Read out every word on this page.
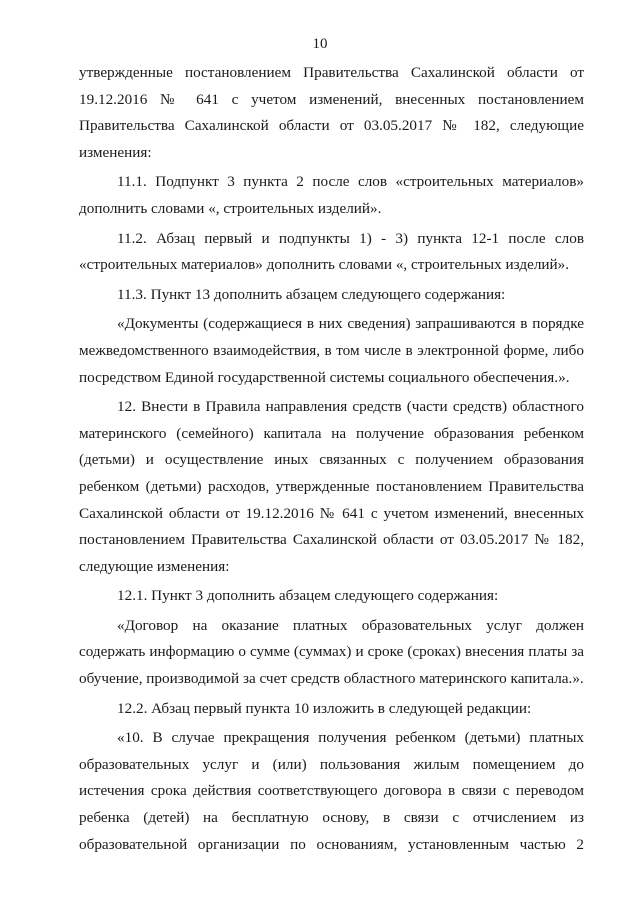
10

утвержденные постановлением Правительства Сахалинской области от 19.12.2016 № 641 с учетом изменений, внесенных постановлением Правительства Сахалинской области от 03.05.2017 № 182, следующие изменения:

11.1. Подпункт 3 пункта 2 после слов «строительных материалов» дополнить словами «, строительных изделий».

11.2. Абзац первый и подпункты 1) - 3) пункта 12-1 после слов «строительных материалов» дополнить словами «, строительных изделий».

11.3. Пункт 13 дополнить абзацем следующего содержания:

«Документы (содержащиеся в них сведения) запрашиваются в порядке межведомственного взаимодействия, в том числе в электронной форме, либо посредством Единой государственной системы социального обеспечения.».

12. Внести в Правила направления средств (части средств) областного материнского (семейного) капитала на получение образования ребенком (детьми) и осуществление иных связанных с получением образования ребенком (детьми) расходов, утвержденные постановлением Правительства Сахалинской области от 19.12.2016 № 641 с учетом изменений, внесенных постановлением Правительства Сахалинской области от 03.05.2017 № 182, следующие изменения:

12.1. Пункт 3 дополнить абзацем следующего содержания:

«Договор на оказание платных образовательных услуг должен содержать информацию о сумме (суммах) и сроке (сроках) внесения платы за обучение, производимой за счет средств областного материнского капитала.».

12.2. Абзац первый пункта 10 изложить в следующей редакции:

«10. В случае прекращения получения ребенком (детьми) платных образовательных услуг и (или) пользования жилым помещением до истечения срока действия соответствующего договора в связи с переводом ребенка (детей) на бесплатную основу, в связи с отчислением из образовательной организации по основаниям, установленным частью 2
